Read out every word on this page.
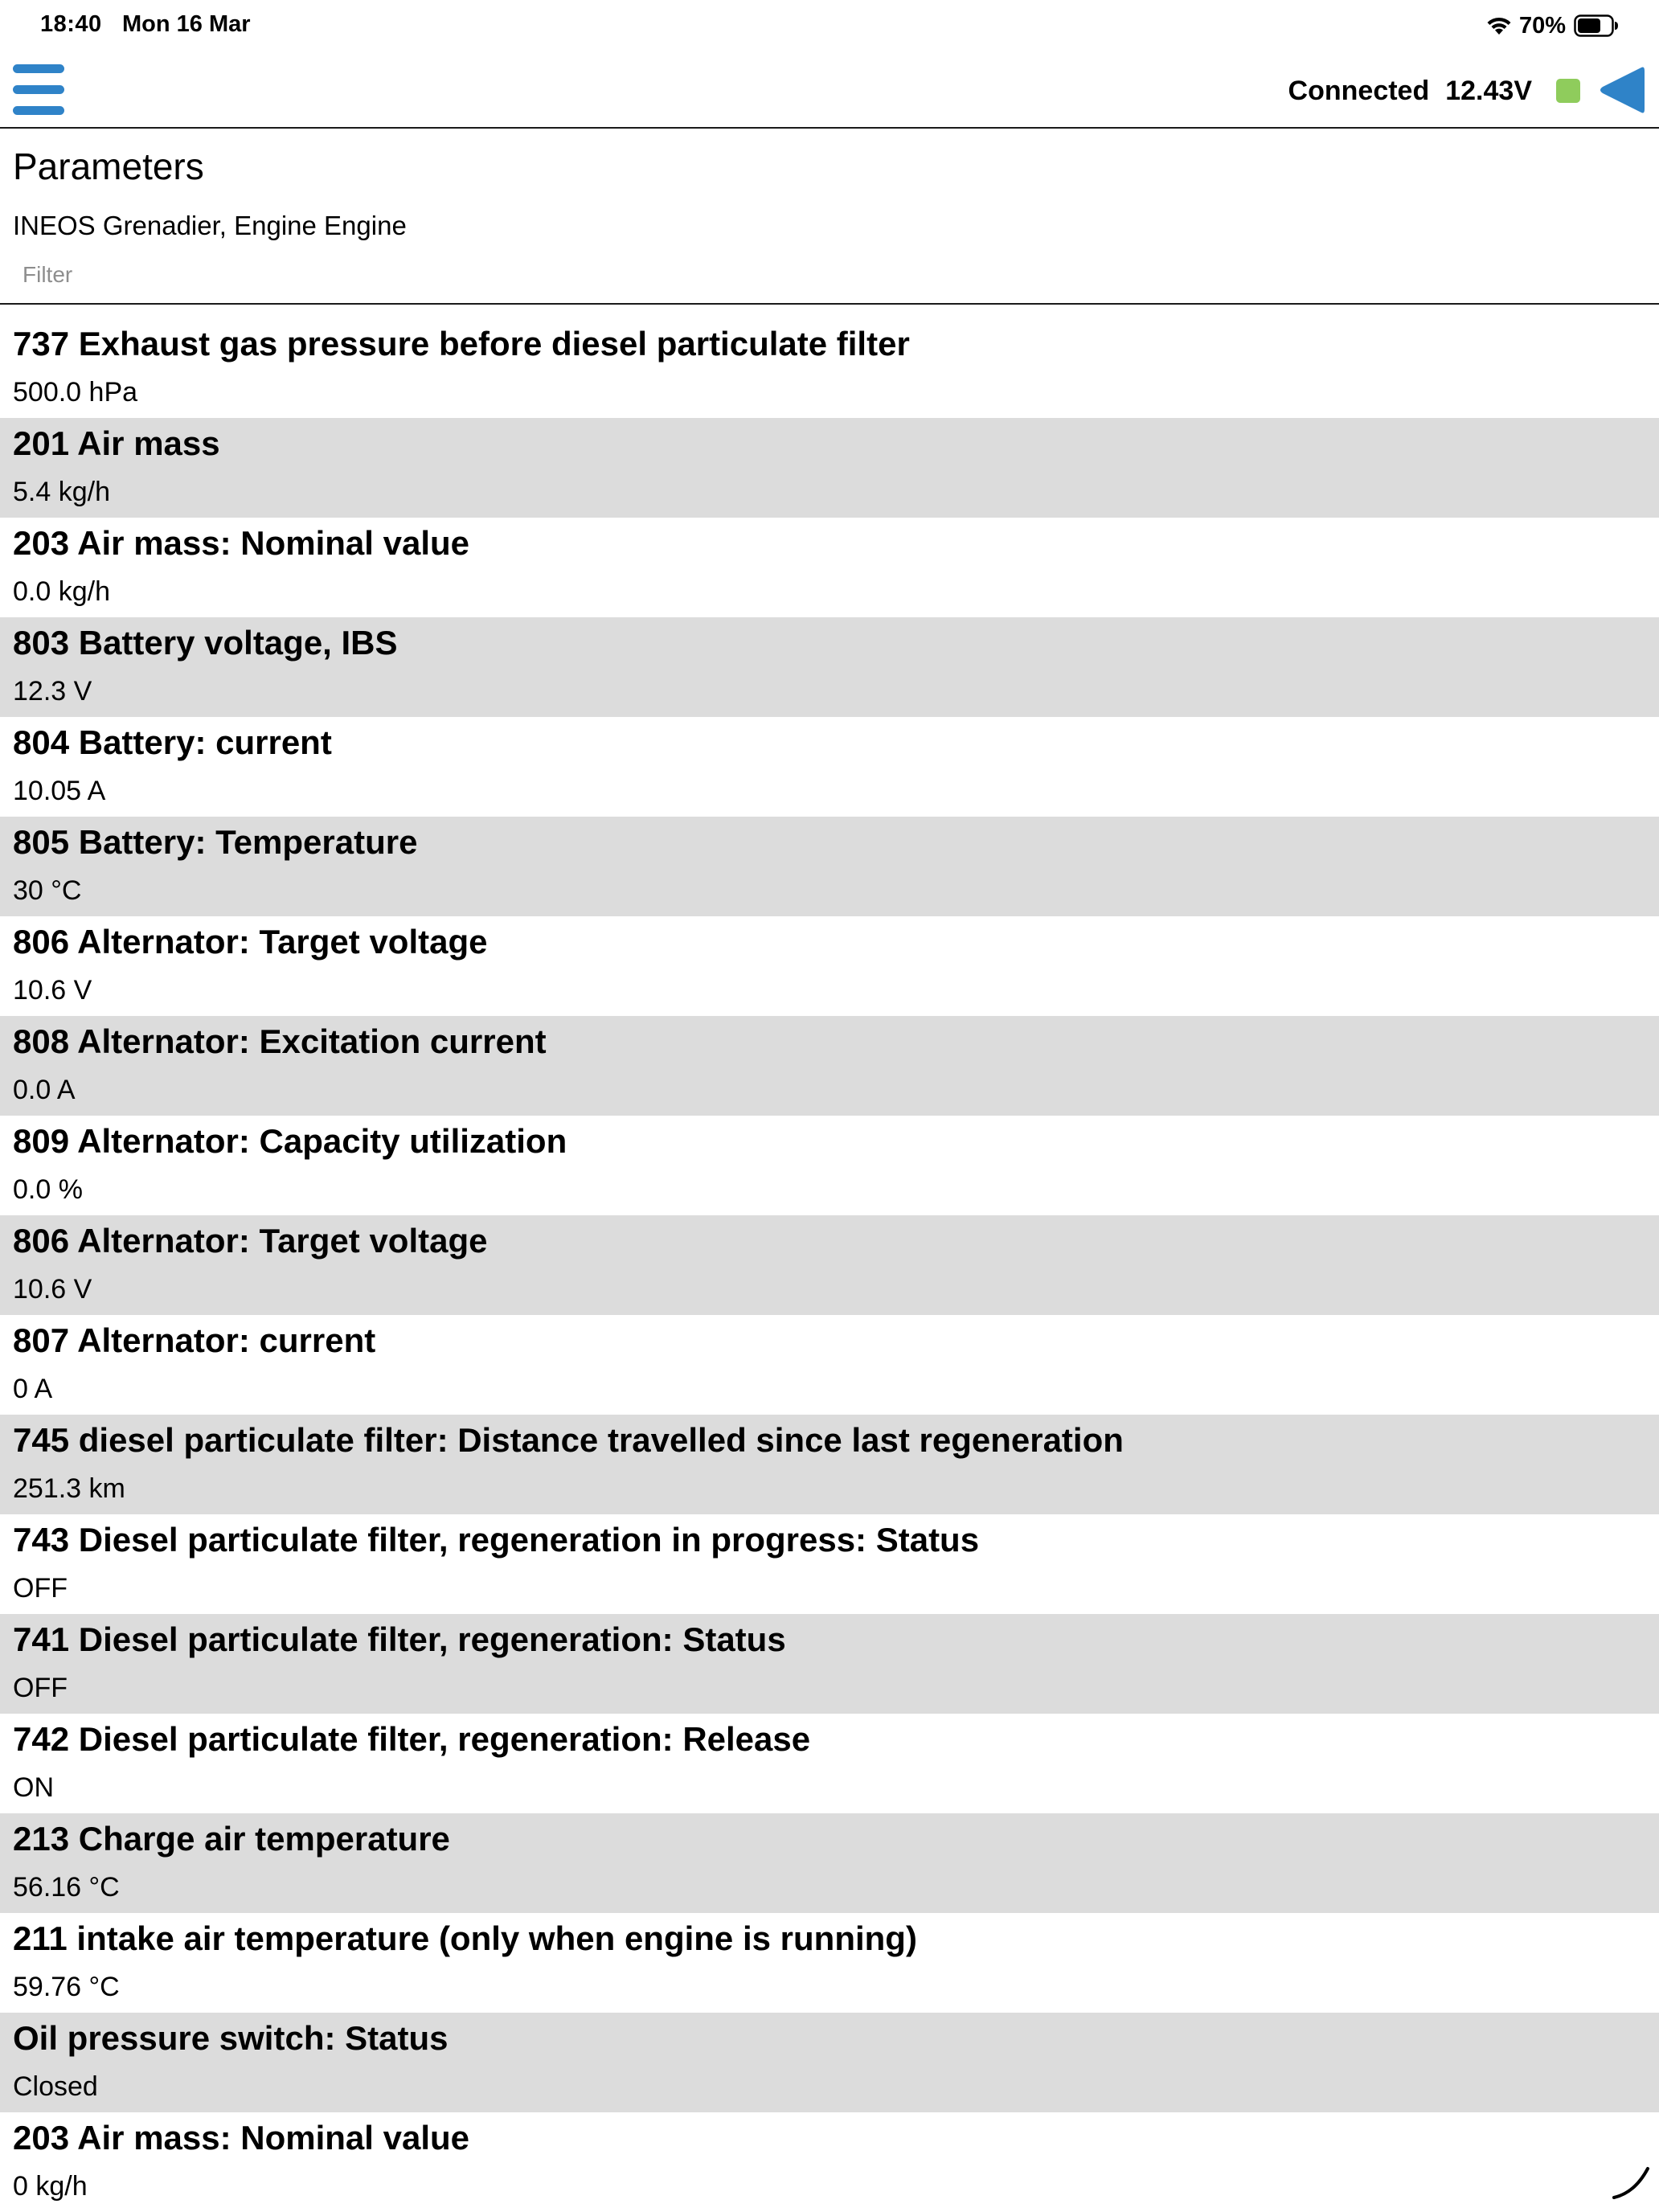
18:40 Mon 16 Mar	70%
Connected 12.43V
Parameters
INEOS Grenadier, Engine Engine
Filter
737 Exhaust gas pressure before diesel particulate filter
500.0 hPa
201 Air mass
5.4 kg/h
203 Air mass: Nominal value
0.0 kg/h
803 Battery voltage, IBS
12.3 V
804 Battery: current
10.05 A
805 Battery: Temperature
30 °C
806 Alternator: Target voltage
10.6 V
808 Alternator: Excitation current
0.0 A
809 Alternator: Capacity utilization
0.0 %
806 Alternator: Target voltage
10.6 V
807 Alternator: current
0 A
745 diesel particulate filter: Distance travelled since last regeneration
251.3 km
743 Diesel particulate filter, regeneration in progress: Status
OFF
741 Diesel particulate filter, regeneration: Status
OFF
742 Diesel particulate filter, regeneration: Release
ON
213 Charge air temperature
56.16 °C
211 intake air temperature (only when engine is running)
59.76 °C
Oil pressure switch: Status
Closed
203 Air mass: Nominal value
0 kg/h
